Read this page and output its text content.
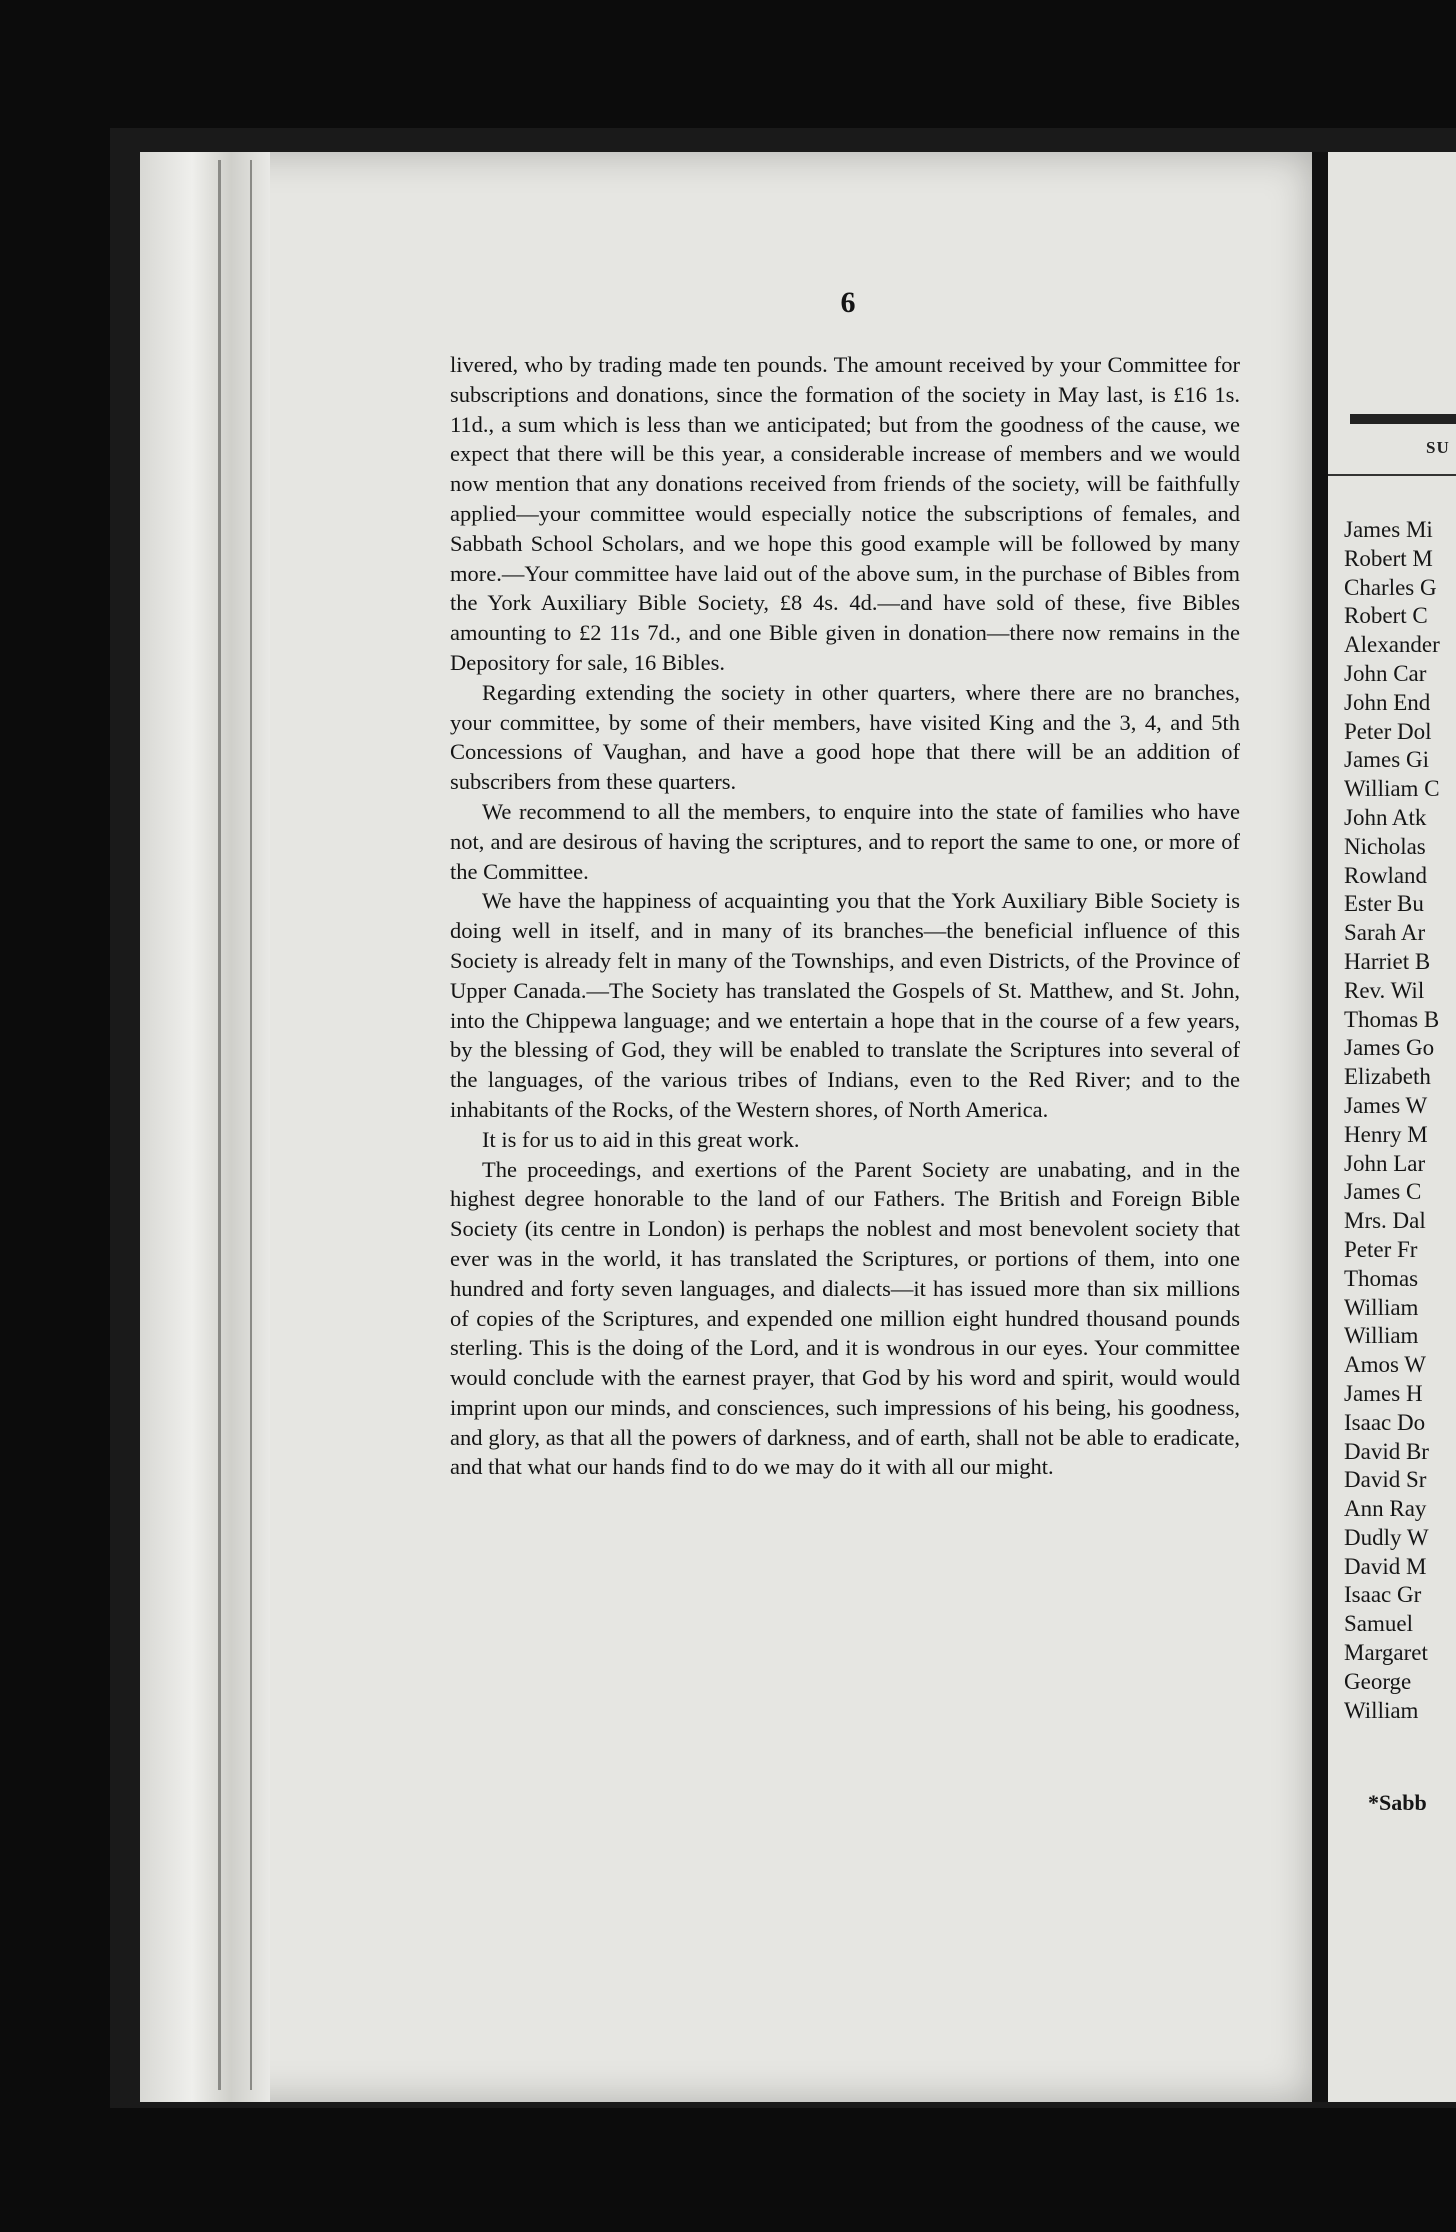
6

livered, who by trading made ten pounds. The amount received by your Committee for subscriptions and donations, since the formation of the society in May last, is £16 1s. 11d., a sum which is less than we anticipated; but from the goodness of the cause, we expect that there will be this year, a considerable increase of members and we would now mention that any donations received from friends of the society, will be faithfully applied—your committee would especially notice the subscriptions of females, and Sabbath School Scholars, and we hope this good example will be followed by many more.—Your committee have laid out of the above sum, in the purchase of Bibles from the York Auxiliary Bible Society, £8 4s. 4d.—and have sold of these, five Bibles amounting to £2 11s 7d., and one Bible given in donation—there now remains in the Depository for sale, 16 Bibles.

Regarding extending the society in other quarters, where there are no branches, your committee, by some of their members, have visited King and the 3, 4, and 5th Concessions of Vaughan, and have a good hope that there will be an addition of subscribers from these quarters.

We recommend to all the members, to enquire into the state of families who have not, and are desirous of having the scriptures, and to report the same to one, or more of the Committee.

We have the happiness of acquainting you that the York Auxiliary Bible Society is doing well in itself, and in many of its branches—the beneficial influence of this Society is already felt in many of the Townships, and even Districts, of the Province of Upper Canada.—The Society has translated the Gospels of St. Matthew, and St. John, into the Chippewa language; and we entertain a hope that in the course of a few years, by the blessing of God, they will be enabled to translate the Scriptures into several of the languages, of the various tribes of Indians, even to the Red River; and to the inhabitants of the Rocks, of the Western shores, of North America.

It is for us to aid in this great work.

The proceedings, and exertions of the Parent Society are unabating, and in the highest degree honorable to the land of our Fathers. The British and Foreign Bible Society (its centre in London) is perhaps the noblest and most benevolent society that ever was in the world, it has translated the Scriptures, or portions of them, into one hundred and forty seven languages, and dialects—it has issued more than six millions of copies of the Scriptures, and expended one million eight hundred thousand pounds sterling. This is the doing of the Lord, and it is wondrous in our eyes. Your committee would conclude with the earnest prayer, that God by his word and spirit, would would imprint upon our minds, and consciences, such impressions of his being, his goodness, and glory, as that all the powers of darkness, and of earth, shall not be able to eradicate, and that what our hands find to do we may do it with all our might.

SU
James Mi
Robert M
Charles G
Robert C
Alexander
John Car
John End
Peter Dol
James Gi
William C
John Atk
Nicholas
Rowland
Ester Bu
Sarah Ar
Harriet B
Rev. Wil
Thomas B
James Go
Elizabeth
James W
Henry M
John Lar
James C
Mrs. Dal
Peter Fr
Thomas
William
William
Amos W
James H
Isaac Do
David Br
David Sr
Ann Ray
Dudly W
David M
Isaac Gr
Samuel
Margaret
George
William
*Sabb
